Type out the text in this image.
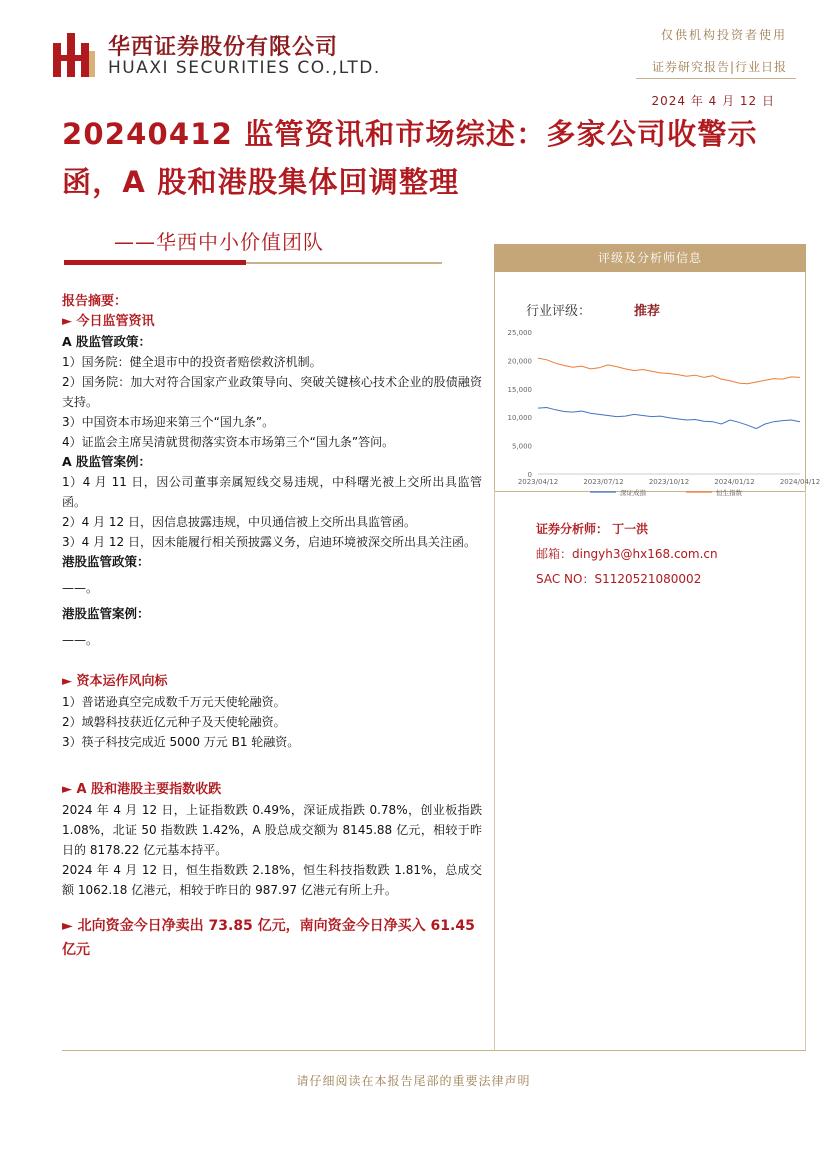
华西证券股份有限公司
HUAXI SECURITIES CO.,LTD.
仅供机构投资者使用
证券研究报告|行业日报
2024 年 4 月 12 日
20240412 监管资讯和市场综述：多家公司收警示函，A 股和港股集体回调整理
——华西中小价值团队
报告摘要：
► 今日监管资讯
A 股监管政策：
1）国务院：健全退市中的投资者赔偿救济机制。
2）国务院：加大对符合国家产业政策导向、突破关键核心技术企业的股债融资支持。
3）中国资本市场迎来第三个“国九条”。
4）证监会主席吴清就贯彻落实资本市场第三个“国九条”答问。
A 股监管案例：
1）4 月 11 日，因公司董事亲属短线交易违规，中科曙光被上交所出具监管函。
2）4 月 12 日，因信息披露违规，中贝通信被上交所出具监管函。
3）4 月 12 日，因未能履行相关预披露义务，启迪环境被深交所出具关注函。
港股监管政策：
——。
港股监管案例：
——。
► 资本运作风向标
1）普诺逊真空完成数千万元天使轮融资。
2）域磐科技获近亿元种子及天使轮融资。
3）筷子科技完成近 5000 万元 B1 轮融资。
► A 股和港股主要指数收跌
2024 年 4 月 12 日，上证指数跌 0.49%，深证成指跌 0.78%，创业板指跌 1.08%，北证 50 指数跌 1.42%，A 股总成交额为 8145.88 亿元，相较于昨日的 8178.22 亿元基本持平。
2024 年 4 月 12 日，恒生指数跌 2.18%，恒生科技指数跌 1.81%，总成交额 1062.18 亿港元，相较于昨日的 987.97 亿港元有所上升。
► 北向资金今日净卖出 73.85 亿元，南向资金今日净买入 61.45 亿元
评级及分析师信息
行业评级：	推荐
25,000
20,000
15,000
10,000
5,000
0
2023/04/12	2023/07/12	2023/10/12	2024/01/12	2024/04/12
深证成指	恒生指数
证券分析师： 丁一洪
邮箱：dingyh3@hx168.com.cn
SAC NO：S1120521080002
请仔细阅读在本报告尾部的重要法律声明
